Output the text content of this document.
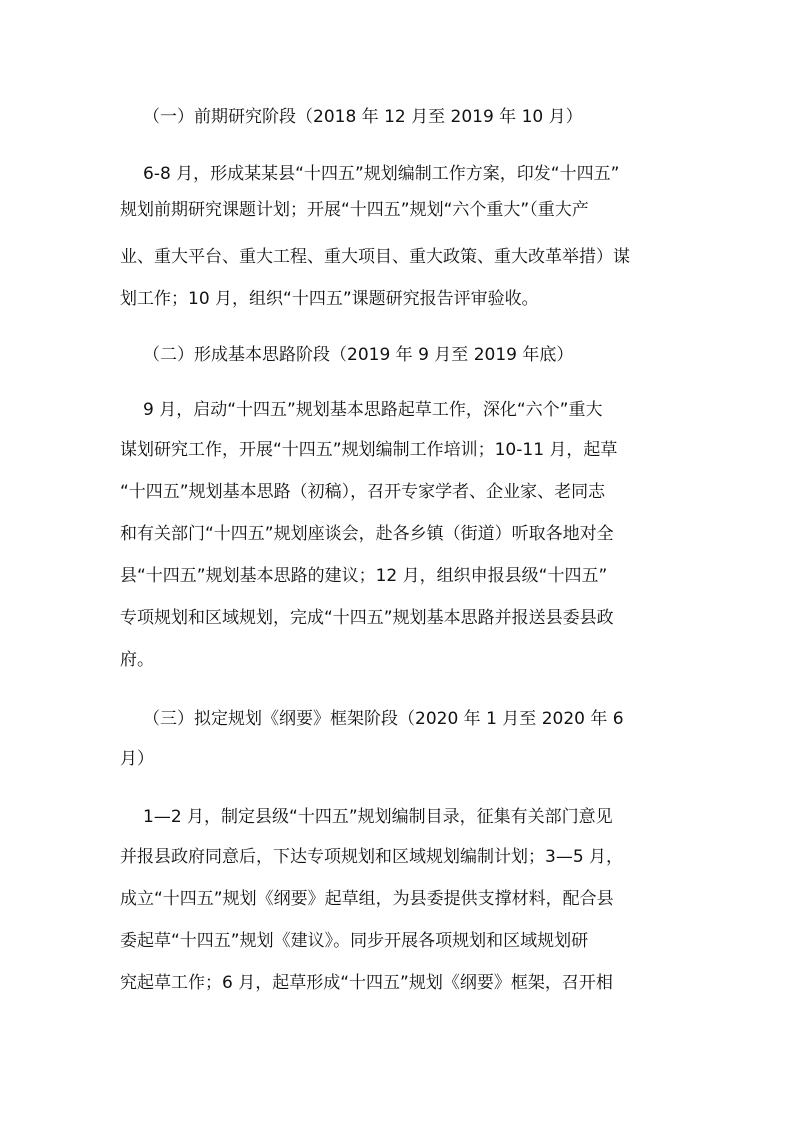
（一）前期研究阶段（2018 年 12 月至 2019 年 10 月）
6-8 月，形成某某县“十四五”规划编制工作方案，印发“十四五”
规划前期研究课题计划；开展“十四五”规划“六个重大”（重大产
业、重大平台、重大工程、重大项目、重大政策、重大改革举措）谋
划工作；10 月，组织“十四五”课题研究报告评审验收。
（二）形成基本思路阶段（2019 年 9 月至 2019 年底）
9 月，启动“十四五”规划基本思路起草工作，深化“六个”重大
谋划研究工作，开展“十四五”规划编制工作培训；10-11 月，起草
“十四五”规划基本思路（初稿），召开专家学者、企业家、老同志
和有关部门“十四五”规划座谈会，赴各乡镇（街道）听取各地对全
县“十四五”规划基本思路的建议；12 月，组织申报县级“十四五”
专项规划和区域规划，完成“十四五”规划基本思路并报送县委县政
府。
（三）拟定规划《纲要》框架阶段（2020 年 1 月至 2020 年 6
月）
1—2 月，制定县级“十四五”规划编制目录，征集有关部门意见
并报县政府同意后，下达专项规划和区域规划编制计划；3—5 月，
成立“十四五”规划《纲要》起草组，为县委提供支撑材料，配合县
委起草“十四五”规划《建议》。同步开展各项规划和区域规划研
究起草工作；6 月，起草形成“十四五”规划《纲要》框架，召开相
